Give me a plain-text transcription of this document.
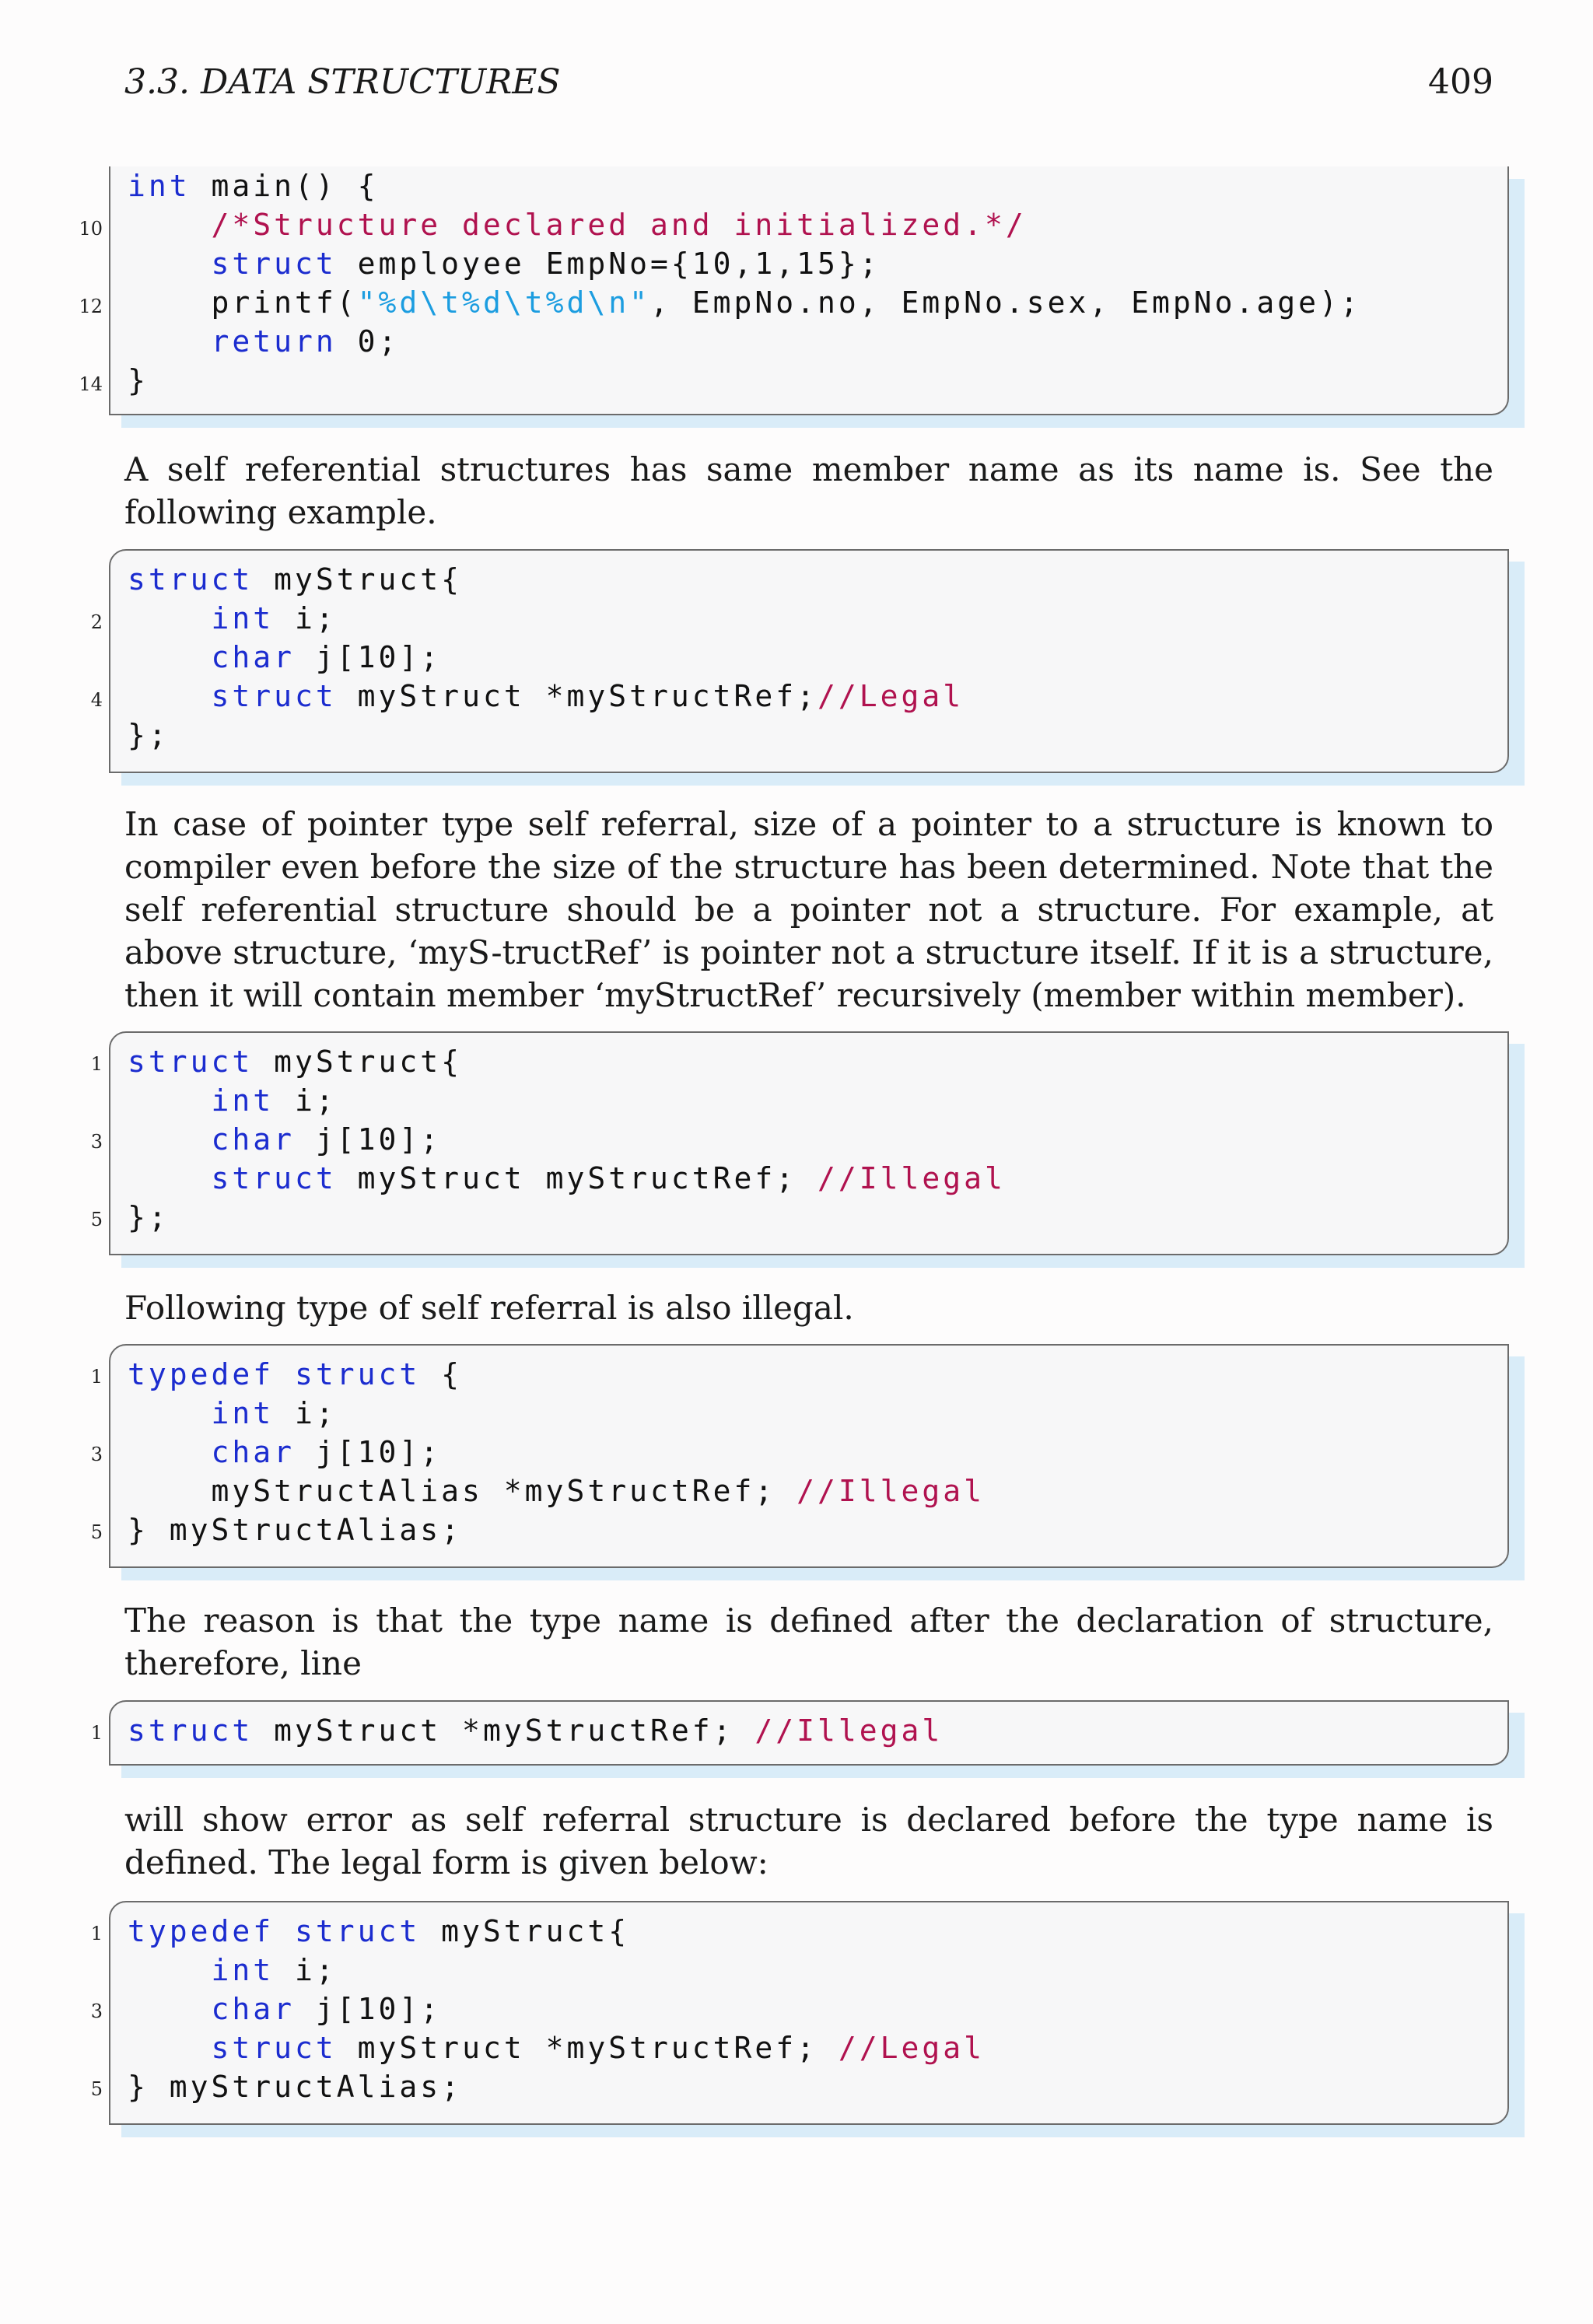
3.3. DATA STRUCTURES	409
10
12
14
int main() {
/*Structure declared and initialized.*/
struct employee EmpNo={10,1,15};
printf("%d\t%d\t%d\n", EmpNo.no, EmpNo.sex, EmpNo.age);
return 0;
}
A self referential structures has same member name as its name is. See the following example.
2
4
struct myStruct{
int i;
char j[10];
struct myStruct *myStructRef;//Legal
};
In case of pointer type self referral, size of a pointer to a structure is known to compiler even before the size of the structure has been determined. Note that the self referential structure should be a pointer not a structure. For example, at above structure, ‘myS-tructRef’ is pointer not a structure itself. If it is a structure, then it will contain member ‘myStructRef’ recursively (member within member).
1
3
5
struct myStruct{
int i;
char j[10];
struct myStruct myStructRef; //Illegal
};
Following type of self referral is also illegal.
1
3
5
typedef struct {
int i;
char j[10];
myStructAlias *myStructRef; //Illegal
} myStructAlias;
The reason is that the type name is defined after the declaration of structure, therefore, line
1 struct myStruct *myStructRef; //Illegal
will show error as self referral structure is declared before the type name is defined. The legal form is given below:
1
3
5
typedef struct myStruct{
int i;
char j[10];
struct myStruct *myStructRef; //Legal
} myStructAlias;
